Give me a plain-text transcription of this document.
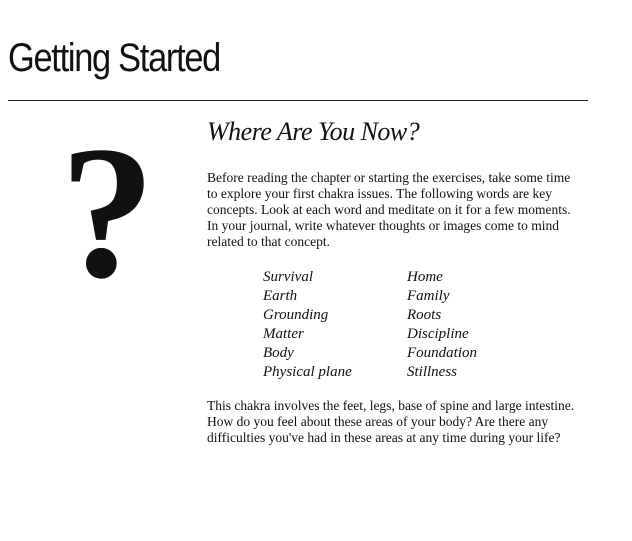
Getting Started
? Where Are You Now?

Before reading the chapter or starting the exercises, take some time to explore your first chakra issues. The following words are key concepts. Look at each word and meditate on it for a few moments. In your journal, write whatever thoughts or images come to mind related to that concept.

Survival
Earth
Grounding
Matter
Body
Physical plane
Home
Family
Roots
Discipline
Foundation
Stillness

This chakra involves the feet, legs, base of spine and large intestine. How do you feel about these areas of your body? Are there any difficulties you've had in these areas at any time during your life?
